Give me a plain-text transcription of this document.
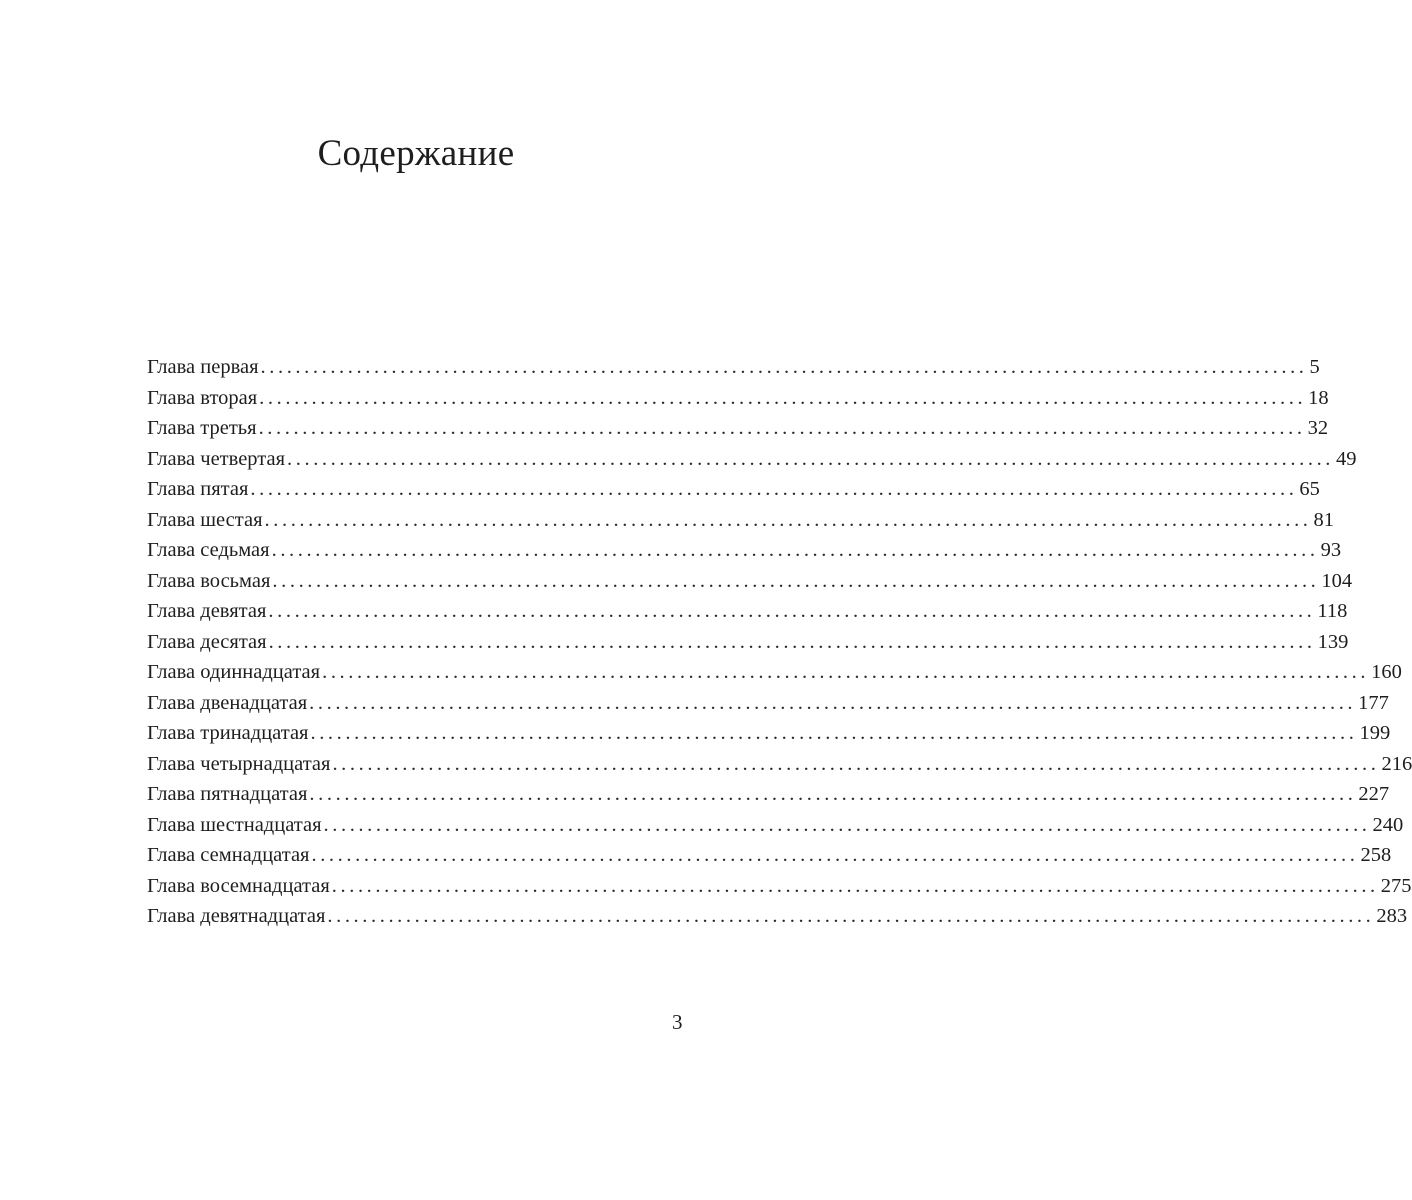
Содержание
Глава первая ........................................................................................................................ 5
Глава вторая ........................................................................................................................ 18
Глава третья ........................................................................................................................ 32
Глава четвертая ........................................................................................................................ 49
Глава пятая ........................................................................................................................ 65
Глава шестая ........................................................................................................................ 81
Глава седьмая ........................................................................................................................ 93
Глава восьмая ........................................................................................................................ 104
Глава девятая ........................................................................................................................ 118
Глава десятая ........................................................................................................................ 139
Глава одиннадцатая ........................................................................................................................ 160
Глава двенадцатая ........................................................................................................................ 177
Глава тринадцатая ........................................................................................................................ 199
Глава четырнадцатая ........................................................................................................................ 216
Глава пятнадцатая ........................................................................................................................ 227
Глава шестнадцатая ........................................................................................................................ 240
Глава семнадцатая ........................................................................................................................ 258
Глава восемнадцатая ........................................................................................................................ 275
Глава девятнадцатая ........................................................................................................................ 283
3
